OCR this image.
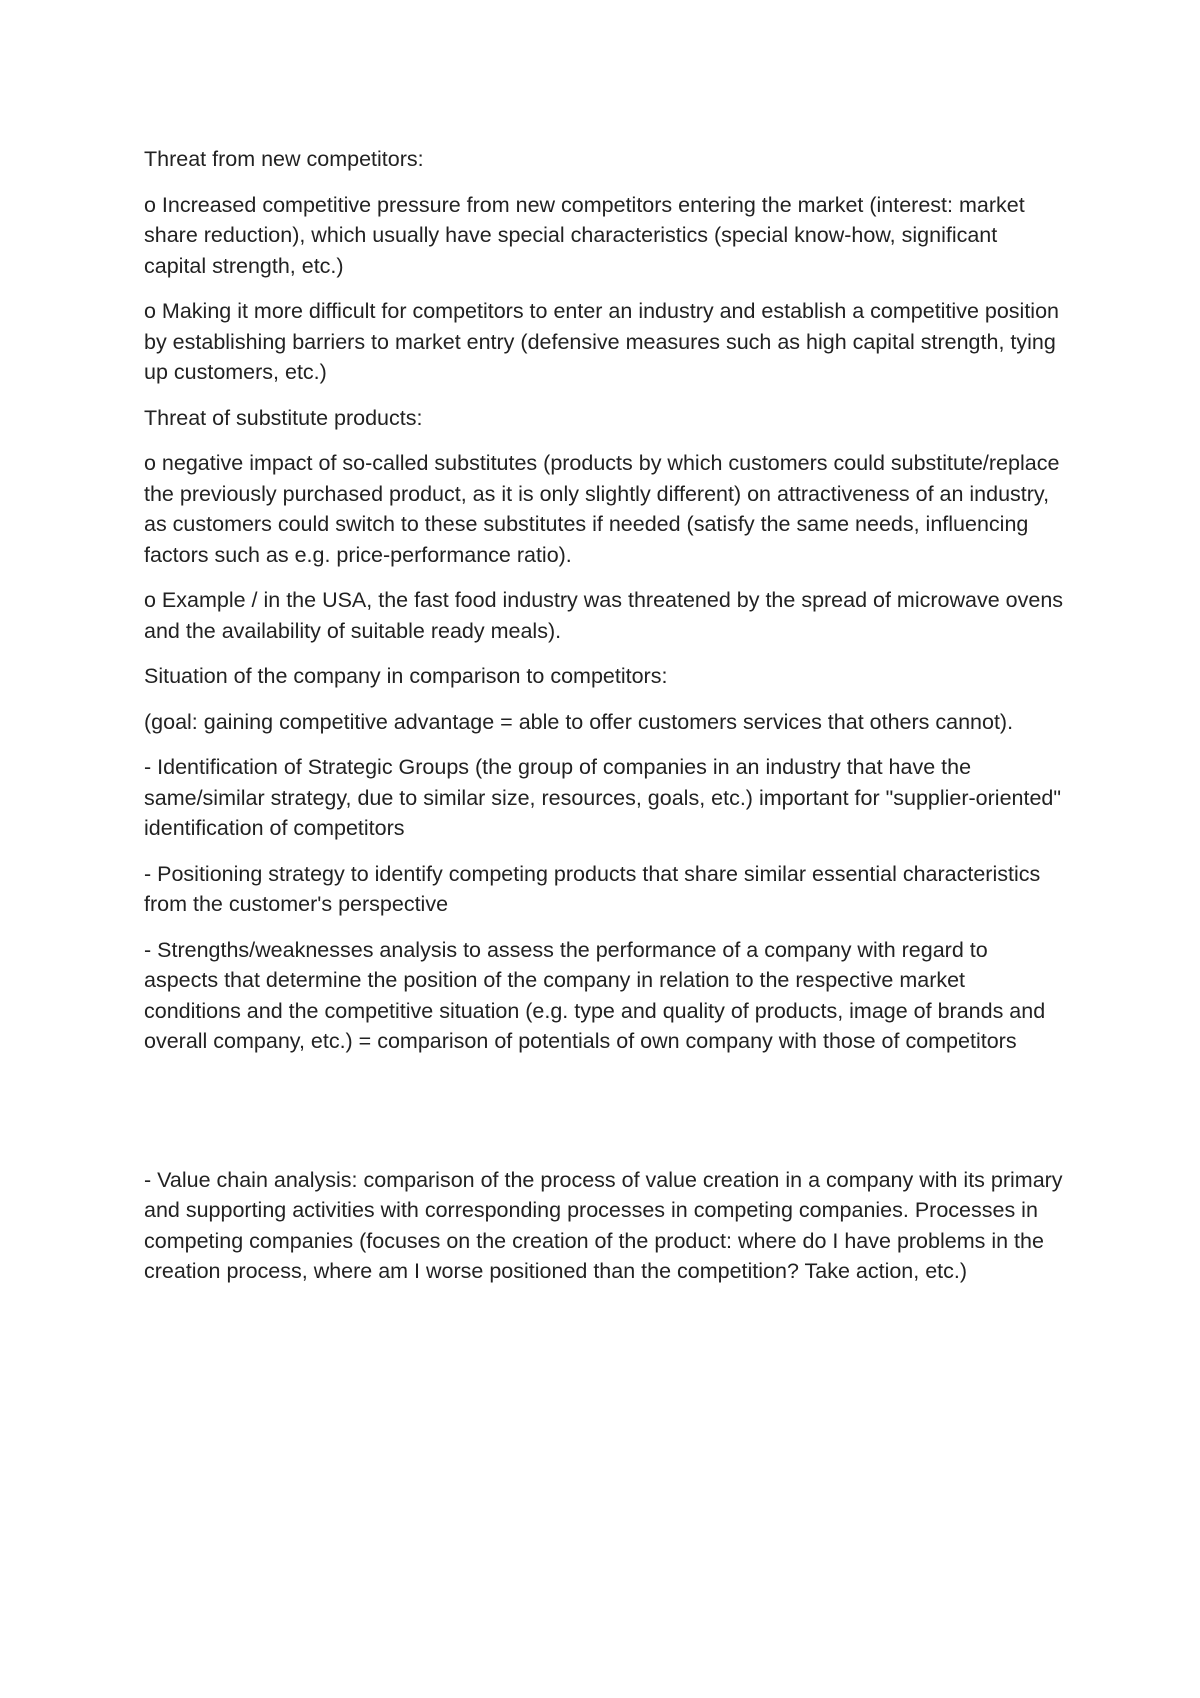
Threat from new competitors:

o Increased competitive pressure from new competitors entering the market (interest: market share reduction), which usually have special characteristics (special know-how, significant capital strength, etc.)

o Making it more difficult for competitors to enter an industry and establish a competitive position by establishing barriers to market entry (defensive measures such as high capital strength, tying up customers, etc.)

Threat of substitute products:

o negative impact of so-called substitutes (products by which customers could substitute/replace the previously purchased product, as it is only slightly different) on attractiveness of an industry, as customers could switch to these substitutes if needed (satisfy the same needs, influencing factors such as e.g. price-performance ratio).

o Example / in the USA, the fast food industry was threatened by the spread of microwave ovens and the availability of suitable ready meals).

Situation of the company in comparison to competitors:

(goal: gaining competitive advantage = able to offer customers services that others cannot).

- Identification of Strategic Groups (the group of companies in an industry that have the same/similar strategy, due to similar size, resources, goals, etc.) important for "supplier-oriented" identification of competitors

- Positioning strategy to identify competing products that share similar essential characteristics from the customer's perspective

- Strengths/weaknesses analysis to assess the performance of a company with regard to aspects that determine the position of the company in relation to the respective market conditions and the competitive situation (e.g. type and quality of products, image of brands and overall company, etc.) = comparison of potentials of own company with those of competitors

- Value chain analysis: comparison of the process of value creation in a company with its primary and supporting activities with corresponding processes in competing companies. Processes in competing companies (focuses on the creation of the product: where do I have problems in the creation process, where am I worse positioned than the competition? Take action, etc.)
